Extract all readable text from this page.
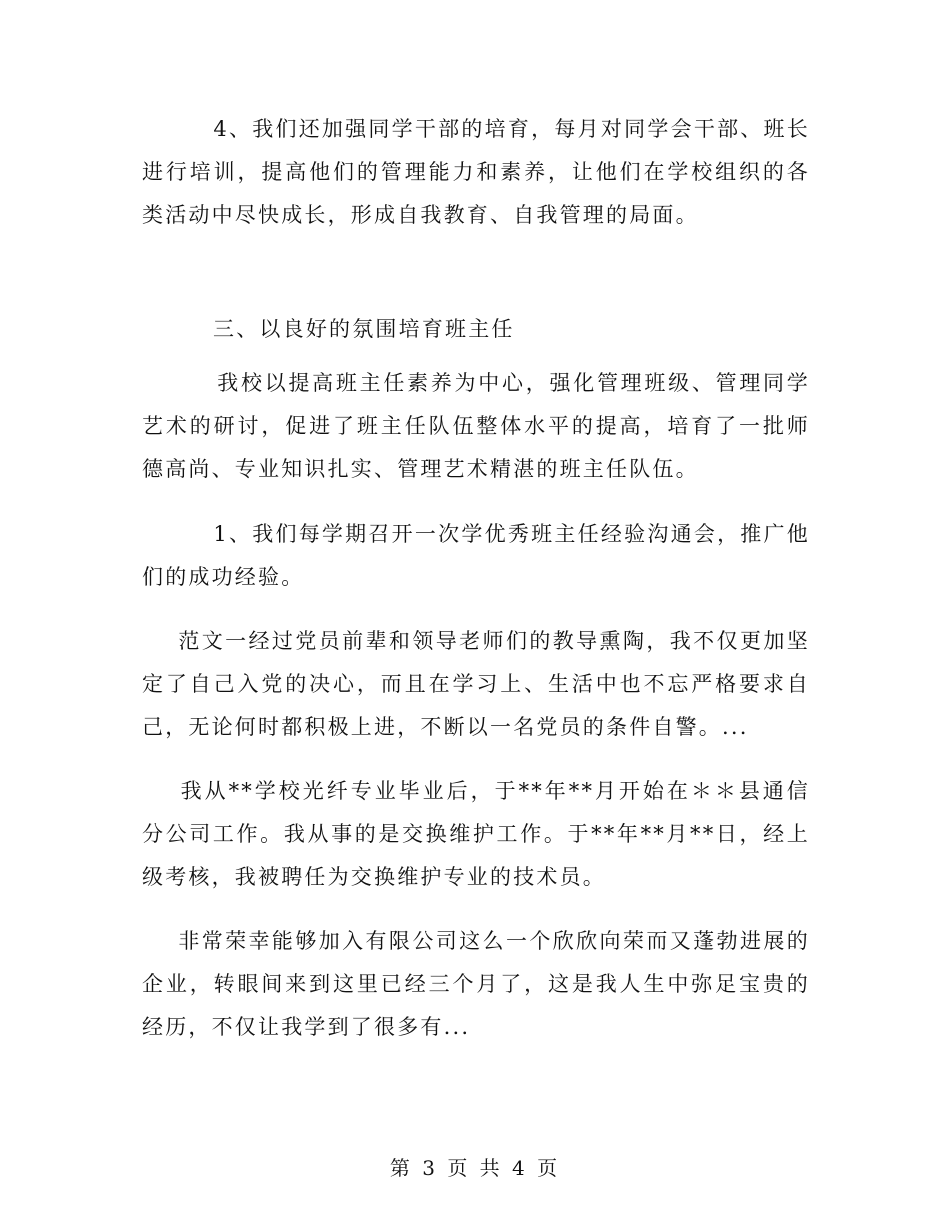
4、我们还加强同学干部的培育，每月对同学会干部、班长进行培训，提高他们的管理能力和素养，让他们在学校组织的各类活动中尽快成长，形成自我教育、自我管理的局面。

三、以良好的氛围培育班主任

我校以提高班主任素养为中心，强化管理班级、管理同学艺术的研讨，促进了班主任队伍整体水平的提高，培育了一批师德高尚、专业知识扎实、管理艺术精湛的班主任队伍。

1、我们每学期召开一次学优秀班主任经验沟通会，推广他们的成功经验。

范文一经过党员前辈和领导老师们的教导熏陶，我不仅更加坚定了自己入党的决心，而且在学习上、生活中也不忘严格要求自己，无论何时都积极上进，不断以一名党员的条件自警。...

我从**学校光纤专业毕业后，于**年**月开始在＊＊县通信分公司工作。我从事的是交换维护工作。于**年**月**日，经上级考核，我被聘任为交换维护专业的技术员。

非常荣幸能够加入有限公司这么一个欣欣向荣而又蓬勃进展的企业，转眼间来到这里已经三个月了，这是我人生中弥足宝贵的经历，不仅让我学到了很多有...

第 3 页 共 4 页
